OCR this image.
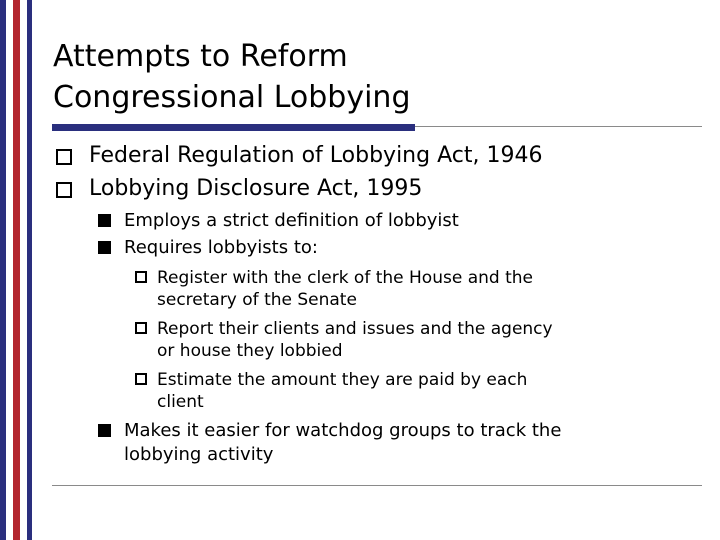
Attempts to Reform
Congressional Lobbying
Federal Regulation of Lobbying Act, 1946
Lobbying Disclosure Act, 1995
Employs a strict definition of lobbyist
Requires lobbyists to:
Register with the clerk of the House and the
secretary of the Senate
Report their clients and issues and the agency
or house they lobbied
Estimate the amount they are paid by each
client
Makes it easier for watchdog groups to track the
lobbying activity
